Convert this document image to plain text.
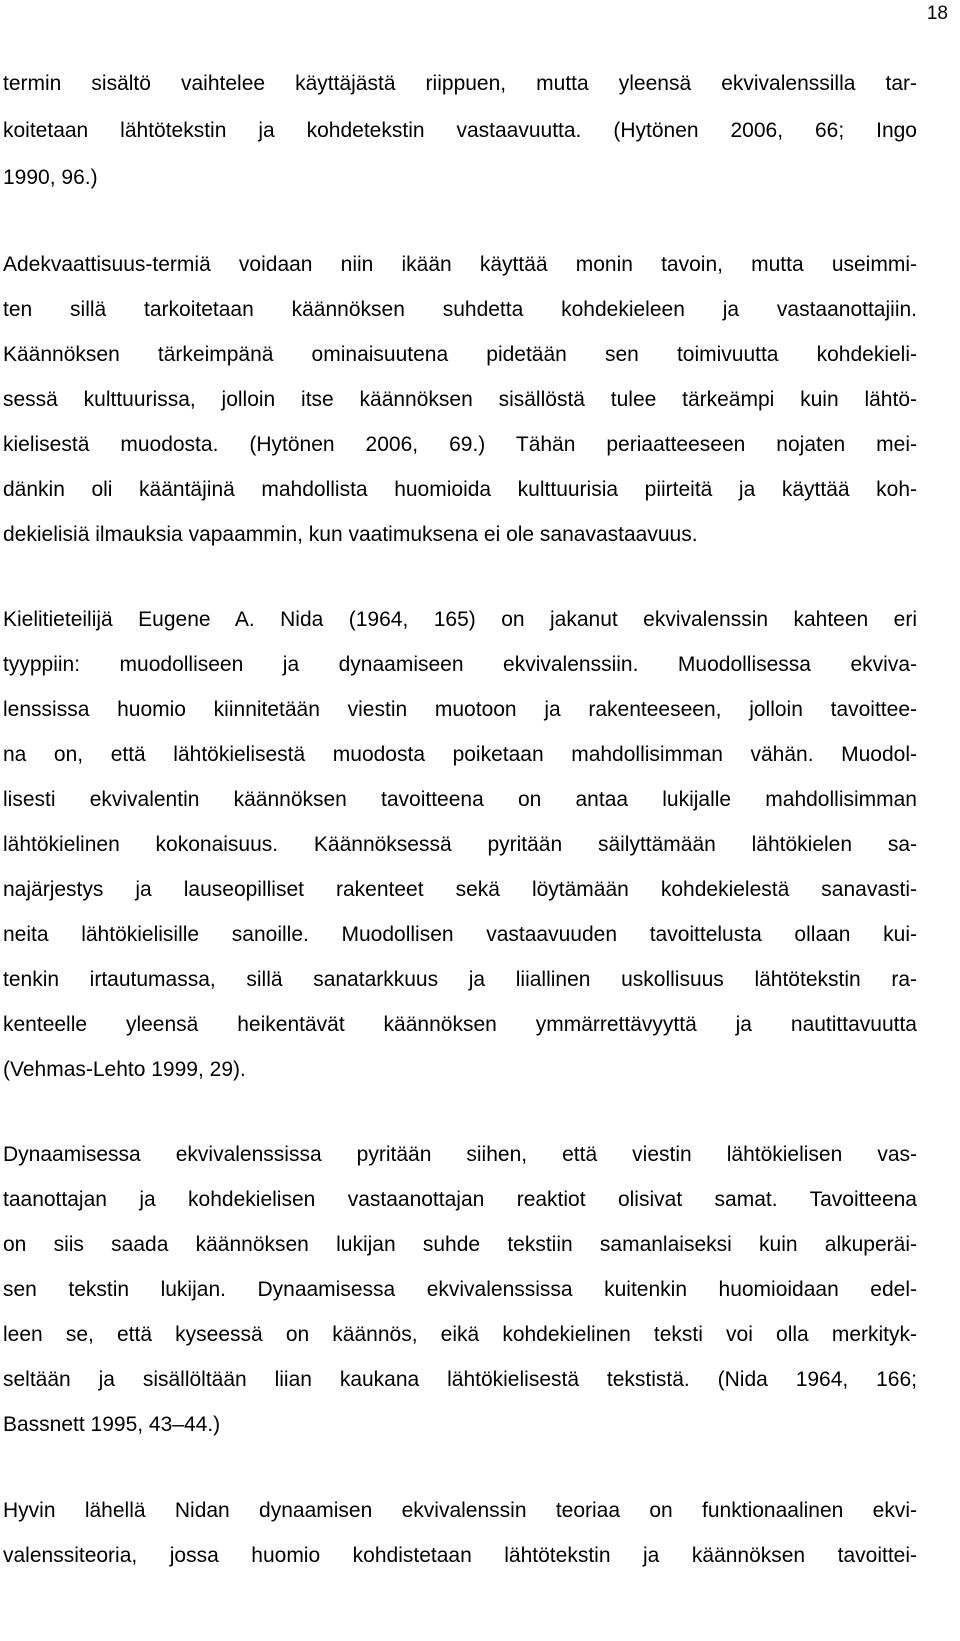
18
termin sisältö vaihtelee käyttäjästä riippuen, mutta yleensä ekvivalenssilla tar-
koitetaan lähtötekstin ja kohdetekstin vastaavuutta. (Hytönen 2006, 66; Ingo
1990, 96.)
Adekvaattisuus-termiä voidaan niin ikään käyttää monin tavoin, mutta useimmi-
ten sillä tarkoitetaan käännöksen suhdetta kohdekieleen ja vastaanottajiin.
Käännöksen tärkeimpänä ominaisuutena pidetään sen toimivuutta kohdekieli-
sessä kulttuurissa, jolloin itse käännöksen sisällöstä tulee tärkeämpi kuin lähtö-
kielisestä muodosta. (Hytönen 2006, 69.) Tähän periaatteeseen nojaten mei-
dänkin oli kääntäjinä mahdollista huomioida kulttuurisia piirteitä ja käyttää koh-
dekielisiä ilmauksia vapaammin, kun vaatimuksena ei ole sanavastaavuus.
Kielitieteilijä Eugene A. Nida (1964, 165) on jakanut ekvivalenssin kahteen eri
tyyppiin: muodolliseen ja dynaamiseen ekvivalenssiin. Muodollisessa ekviva-
lenssissa huomio kiinnitetään viestin muotoon ja rakenteeseen, jolloin tavoittee-
na on, että lähtökielisestä muodosta poiketaan mahdollisimman vähän. Muodol-
lisesti ekvivalentin käännöksen tavoitteena on antaa lukijalle mahdollisimman
lähtökielinen kokonaisuus. Käännöksessä pyritään säilyttämään lähtökielen sa-
najärjestys ja lauseopilliset rakenteet sekä löytämään kohdekielestä sanavasti-
neita lähtökielisille sanoille. Muodollisen vastaavuuden tavoittelusta ollaan kui-
tenkin irtautumassa, sillä sanatarkkuus ja liiallinen uskollisuus lähtötekstin ra-
kenteelle yleensä heikentävät käännöksen ymmärrettävyyttä ja nautittavuutta
(Vehmas-Lehto 1999, 29).
Dynaamisessa ekvivalenssissa pyritään siihen, että viestin lähtökielisen vas-
taanottajan ja kohdekielisen vastaanottajan reaktiot olisivat samat. Tavoitteena
on siis saada käännöksen lukijan suhde tekstiin samanlaiseksi kuin alkuperäi-
sen tekstin lukijan. Dynaamisessa ekvivalenssissa kuitenkin huomioidaan edel-
leen se, että kyseessä on käännös, eikä kohdekielinen teksti voi olla merkityk-
seltään ja sisällöltään liian kaukana lähtökielisestä tekstistä. (Nida 1964, 166;
Bassnett 1995, 43–44.)
Hyvin lähellä Nidan dynaamisen ekvivalenssin teoriaa on funktionaalinen ekvi-
valenssiteoria, jossa huomio kohdistetaan lähtötekstin ja käännöksen tavoittei-
